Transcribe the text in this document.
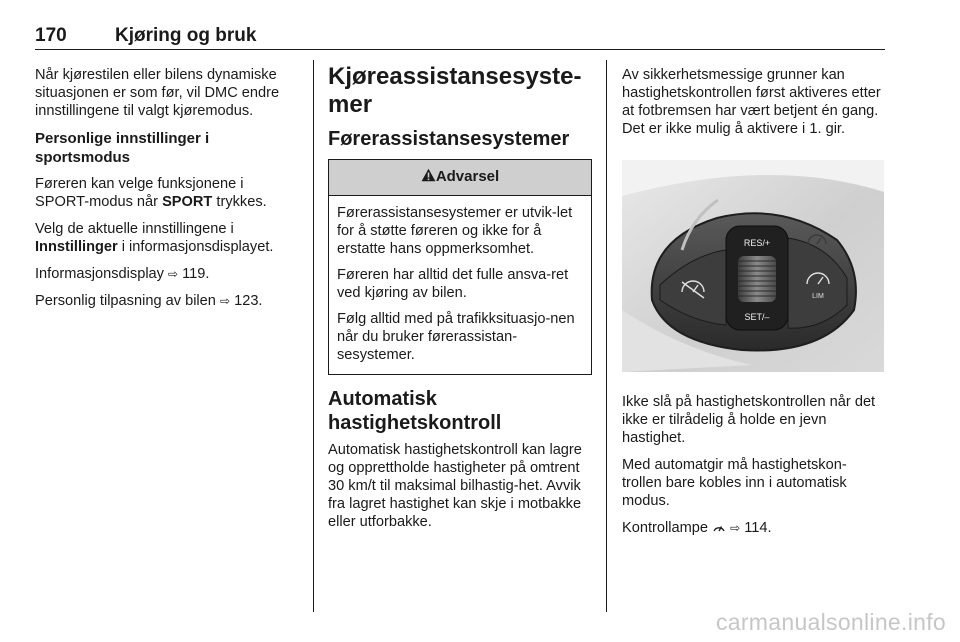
170	Kjøring og bruk

Når kjørestilen eller bilens dynamiske situasjonen er som før, vil DMC endre innstillingene til valgt kjøremodus.

Personlige innstillinger i sportsmodus

Føreren kan velge funksjonene i SPORT-modus når SPORT trykkes.

Velg de aktuelle innstillingene i Innstillinger i informasjonsdisplayet.

Informasjonsdisplay ⇨ 119.

Personlig tilpasning av bilen ⇨ 123.

Kjøreassistansesyste-mer
Førerassistansesystemer
Advarsel

Førerassistansesystemer er utvik-let for å støtte føreren og ikke for å erstatte hans oppmerksomhet.

Føreren har alltid det fulle ansva-ret ved kjøring av bilen.

Følg alltid med på trafikksituasjo-nen når du bruker førerassistan-sesystemer.

Automatisk hastighetskontroll

Automatisk hastighetskontroll kan lagre og opprettholde hastigheter på omtrent 30 km/t til maksimal bilhastig-het. Avvik fra lagret hastighet kan skje i motbakke eller utforbakke.

Av sikkerhetsmessige grunner kan hastighetskontrollen først aktiveres etter at fotbremsen har vært betjent én gang. Det er ikke mulig å aktivere i 1. gir.

RES/+
SET/–
LIM

Ikke slå på hastighetskontrollen når det ikke er tilrådelig å holde en jevn hastighet.

Med automatgir må hastighetskon-trollen bare kobles inn i automatisk modus.

Kontrollampe  ⇨ 114.

carmanualsonline.info
